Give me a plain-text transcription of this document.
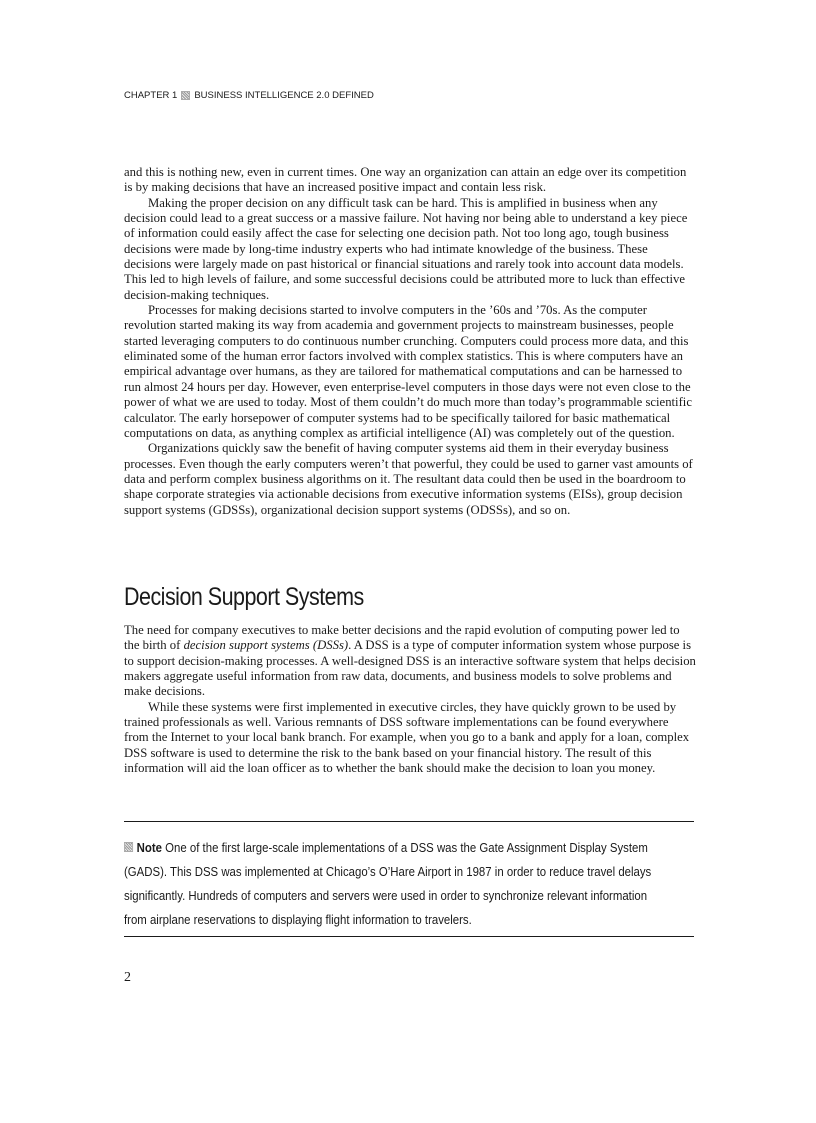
CHAPTER 1 BUSINESS INTELLIGENCE 2.0 DEFINED

and this is nothing new, even in current times. One way an organization can attain an edge over its competition is by making decisions that have an increased positive impact and contain less risk.

Making the proper decision on any difficult task can be hard. This is amplified in business when any decision could lead to a great success or a massive failure. Not having nor being able to understand a key piece of information could easily affect the case for selecting one decision path. Not too long ago, tough business decisions were made by long-time industry experts who had intimate knowledge of the business. These decisions were largely made on past historical or financial situations and rarely took into account data models. This led to high levels of failure, and some successful decisions could be attributed more to luck than effective decision-making techniques.

Processes for making decisions started to involve computers in the ’60s and ’70s. As the computer revolution started making its way from academia and government projects to mainstream businesses, people started leveraging computers to do continuous number crunching. Computers could process more data, and this eliminated some of the human error factors involved with complex statistics. This is where computers have an empirical advantage over humans, as they are tailored for mathematical computations and can be harnessed to run almost 24 hours per day. However, even enterprise-level computers in those days were not even close to the power of what we are used to today. Most of them couldn’t do much more than today’s programmable scientific calculator. The early horsepower of computer systems had to be specifically tailored for basic mathematical computations on data, as anything complex as artificial intelligence (AI) was completely out of the question.

Organizations quickly saw the benefit of having computer systems aid them in their everyday business processes. Even though the early computers weren’t that powerful, they could be used to garner vast amounts of data and perform complex business algorithms on it. The resultant data could then be used in the boardroom to shape corporate strategies via actionable decisions from executive information systems (EISs), group decision support systems (GDSSs), organizational decision support systems (ODSSs), and so on.

Decision Support Systems

The need for company executives to make better decisions and the rapid evolution of computing power led to the birth of decision support systems (DSSs). A DSS is a type of computer information system whose purpose is to support decision-making processes. A well-designed DSS is an interactive software system that helps decision makers aggregate useful information from raw data, documents, and business models to solve problems and make decisions.

While these systems were first implemented in executive circles, they have quickly grown to be used by trained professionals as well. Various remnants of DSS software implementations can be found everywhere from the Internet to your local bank branch. For example, when you go to a bank and apply for a loan, complex DSS software is used to determine the risk to the bank based on your financial history. The result of this information will aid the loan officer as to whether the bank should make the decision to loan you money.

Note One of the first large-scale implementations of a DSS was the Gate Assignment Display System (GADS). This DSS was implemented at Chicago’s O’Hare Airport in 1987 in order to reduce travel delays significantly. Hundreds of computers and servers were used in order to synchronize relevant information from airplane reservations to displaying flight information to travelers.
2
